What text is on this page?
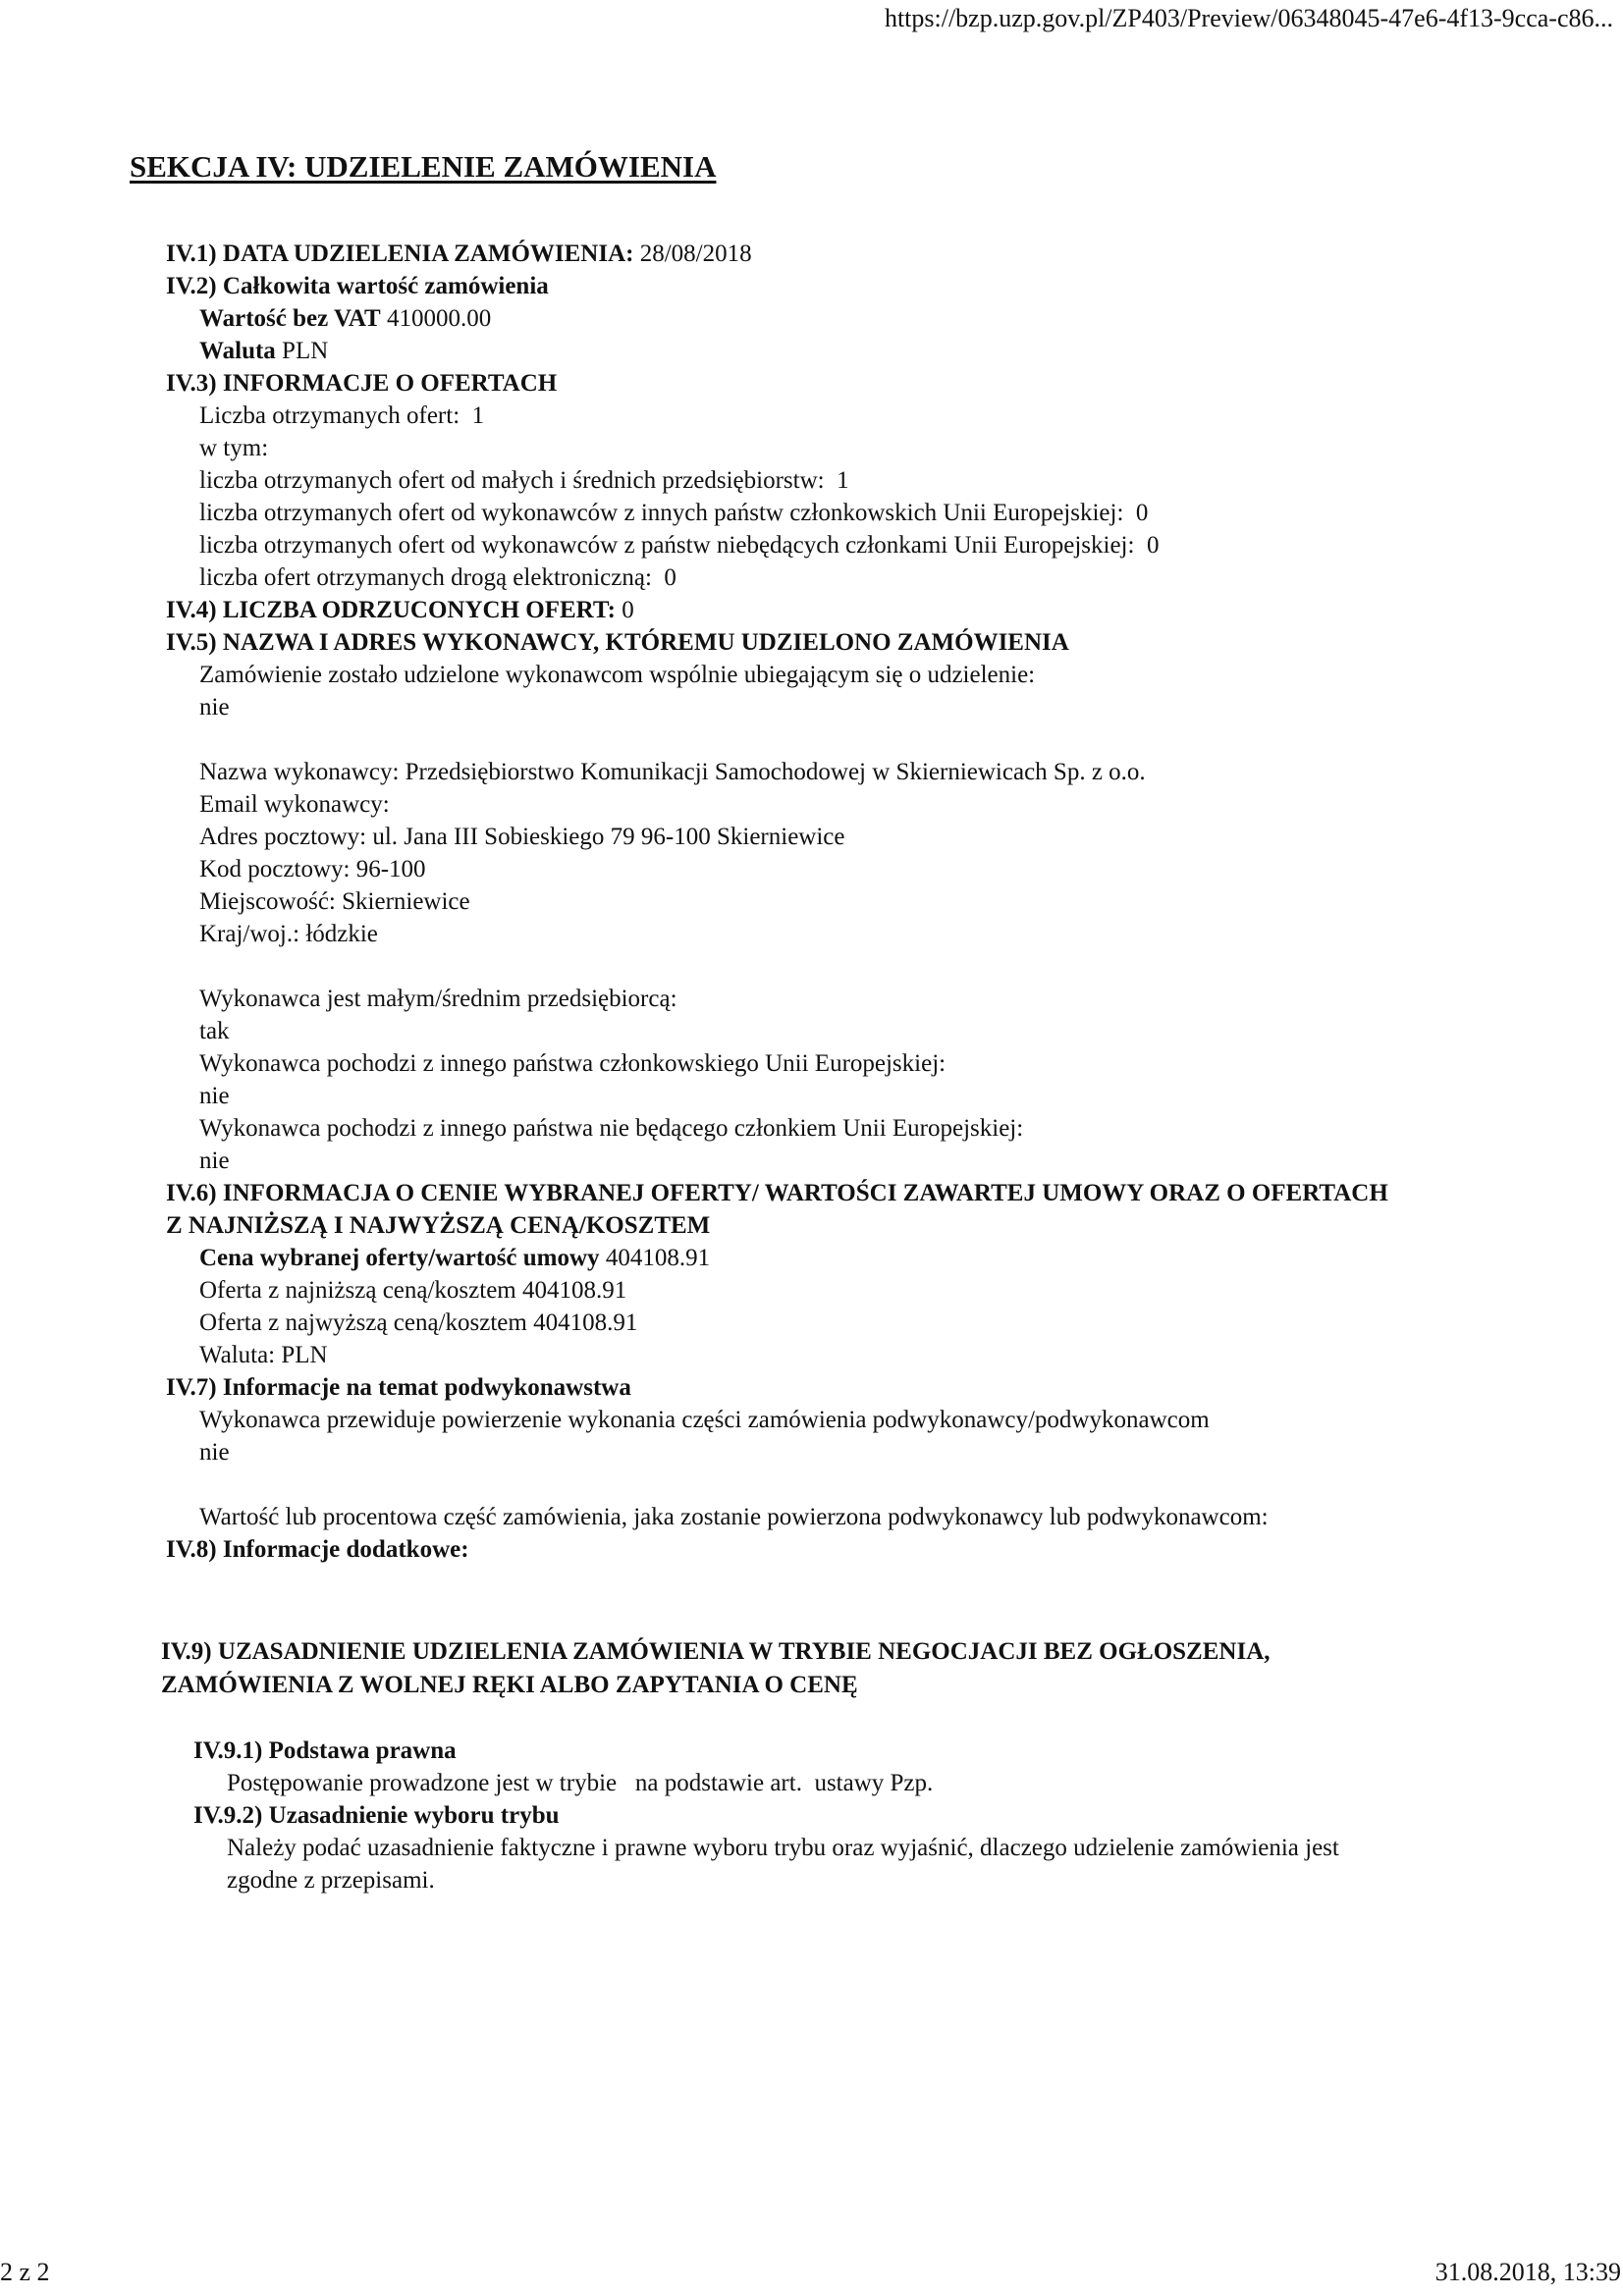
https://bzp.uzp.gov.pl/ZP403/Preview/06348045-47e6-4f13-9cca-c86...
SEKCJA IV: UDZIELENIE ZAMÓWIENIA
IV.1) DATA UDZIELENIA ZAMÓWIENIA: 28/08/2018
IV.2) Całkowita wartość zamówienia
Wartość bez VAT 410000.00
Waluta PLN
IV.3) INFORMACJE O OFERTACH
Liczba otrzymanych ofert: 1
w tym:
liczba otrzymanych ofert od małych i średnich przedsiębiorstw: 1
liczba otrzymanych ofert od wykonawców z innych państw członkowskich Unii Europejskiej: 0
liczba otrzymanych ofert od wykonawców z państw niebędących członkami Unii Europejskiej: 0
liczba ofert otrzymanych drogą elektroniczną: 0
IV.4) LICZBA ODRZUCONYCH OFERT: 0
IV.5) NAZWA I ADRES WYKONAWCY, KTÓREMU UDZIELONO ZAMÓWIENIA
Zamówienie zostało udzielone wykonawcom wspólnie ubiegającym się o udzielenie:
nie
Nazwa wykonawcy: Przedsiębiorstwo Komunikacji Samochodowej w Skierniewicach Sp. z o.o.
Email wykonawcy:
Adres pocztowy: ul. Jana III Sobieskiego 79 96-100 Skierniewice
Kod pocztowy: 96-100
Miejscowość: Skierniewice
Kraj/woj.: łódzkie
Wykonawca jest małym/średnim przedsiębiorcą:
tak
Wykonawca pochodzi z innego państwa członkowskiego Unii Europejskiej:
nie
Wykonawca pochodzi z innego państwa nie będącego członkiem Unii Europejskiej:
nie
IV.6) INFORMACJA O CENIE WYBRANEJ OFERTY/ WARTOŚCI ZAWARTEJ UMOWY ORAZ O OFERTACH
Z NAJNIŻSZĄ I NAJWYŻSZĄ CENĄ/KOSZTEM
Cena wybranej oferty/wartość umowy 404108.91
Oferta z najniższą ceną/kosztem 404108.91
Oferta z najwyższą ceną/kosztem 404108.91
Waluta: PLN
IV.7) Informacje na temat podwykonawstwa
Wykonawca przewiduje powierzenie wykonania części zamówienia podwykonawcy/podwykonawcom
nie
Wartość lub procentowa część zamówienia, jaka zostanie powierzona podwykonawcy lub podwykonawcom:
IV.8) Informacje dodatkowe:
IV.9) UZASADNIENIE UDZIELENIA ZAMÓWIENIA W TRYBIE NEGOCJACJI BEZ OGŁOSZENIA,
ZAMÓWIENIA Z WOLNEJ RĘKI ALBO ZAPYTANIA O CENĘ
IV.9.1) Podstawa prawna
Postępowanie prowadzone jest w trybie   na podstawie art.  ustawy Pzp.
IV.9.2) Uzasadnienie wyboru trybu
Należy podać uzasadnienie faktyczne i prawne wyboru trybu oraz wyjaśnić, dlaczego udzielenie zamówienia jest
zgodne z przepisami.
2 z 2	31.08.2018, 13:39
